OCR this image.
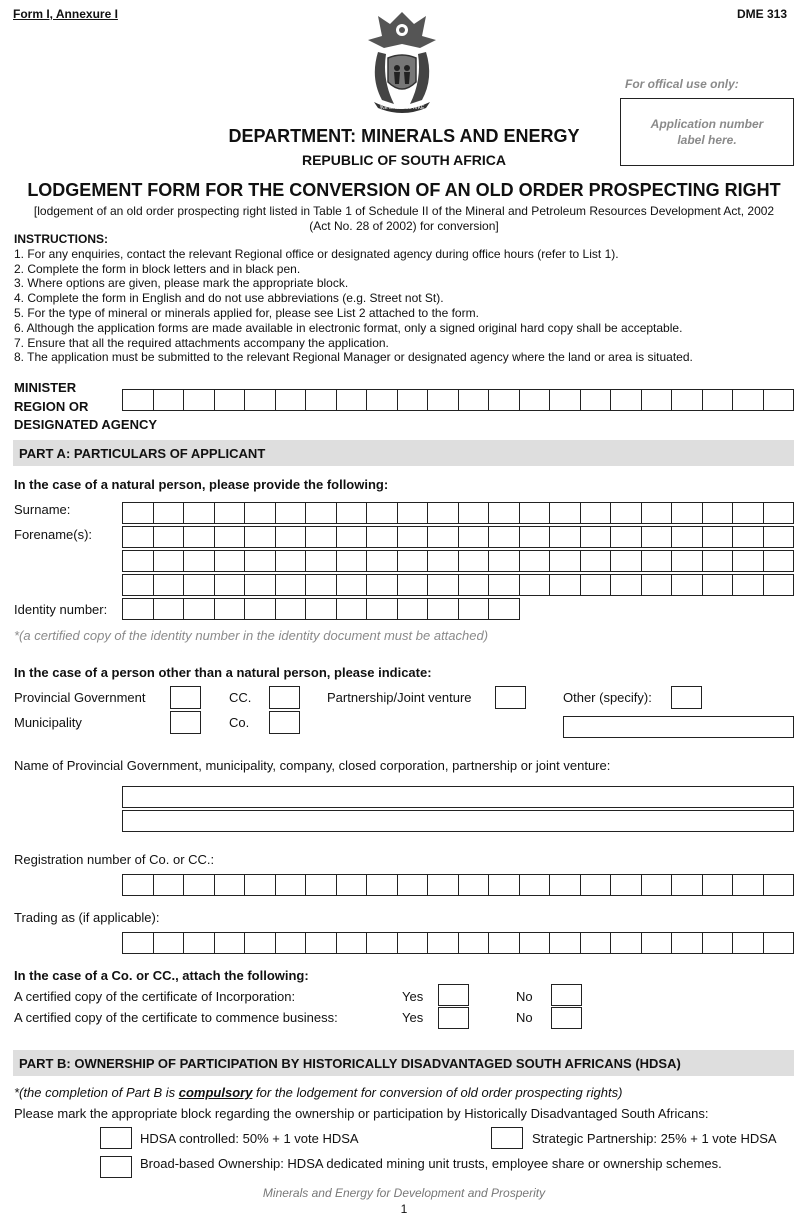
Form I, Annexure I	DME 313
!KE E: /XARRA //KE
For offical use only:
Application number
label here.
DEPARTMENT: MINERALS AND ENERGY
REPUBLIC OF SOUTH AFRICA
LODGEMENT FORM FOR THE CONVERSION OF AN OLD ORDER PROSPECTING RIGHT
[lodgement of an old order prospecting right listed in Table 1 of Schedule II of the Mineral and Petroleum Resources Development Act, 2002
(Act No. 28 of 2002) for conversion]
INSTRUCTIONS:
1. For any enquiries, contact the relevant Regional office or designated agency during office hours (refer to List 1).
2. Complete the form in block letters and in black pen.
3. Where options are given, please mark the appropriate block.
4. Complete the form in English and do not use abbreviations (e.g. Street not St).
5. For the type of mineral or minerals applied for, please see List 2 attached to the form.
6. Although the application forms are made available in electronic format, only a signed original hard copy shall be acceptable.
7. Ensure that all the required attachments accompany the application.
8. The application must be submitted to the relevant Regional Manager or designated agency where the land or area is situated.
MINISTER
REGION OR
DESIGNATED AGENCY
PART A: PARTICULARS OF APPLICANT
In the case of a natural person, please provide the following:
Surname:
Forename(s):
Identity number:
*(a certified copy of the identity number in the identity document must be attached)
In the case of a person other than a natural person, please indicate:
Provincial Government	CC.	Partnership/Joint venture	Other (specify):
Municipality	Co.
Name of Provincial Government, municipality, company, closed corporation, partnership or joint venture:
Registration number of Co. or CC.:
Trading as (if applicable):
In the case of a Co. or CC., attach the following:
A certified copy of the certificate of Incorporation:	Yes	No
A certified copy of the certificate to commence business:	Yes	No
PART B: OWNERSHIP OF PARTICIPATION BY HISTORICALLY DISADVANTAGED SOUTH AFRICANS (HDSA)
*(the completion of Part B is compulsory for the lodgement for conversion of old order prospecting rights)
Please mark the appropriate block regarding the ownership or participation by Historically Disadvantaged South Africans:
HDSA controlled: 50% + 1 vote HDSA	Strategic Partnership: 25% + 1 vote HDSA
Broad-based Ownership: HDSA dedicated mining unit trusts, employee share or ownership schemes.
Minerals and Energy for Development and Prosperity
1
